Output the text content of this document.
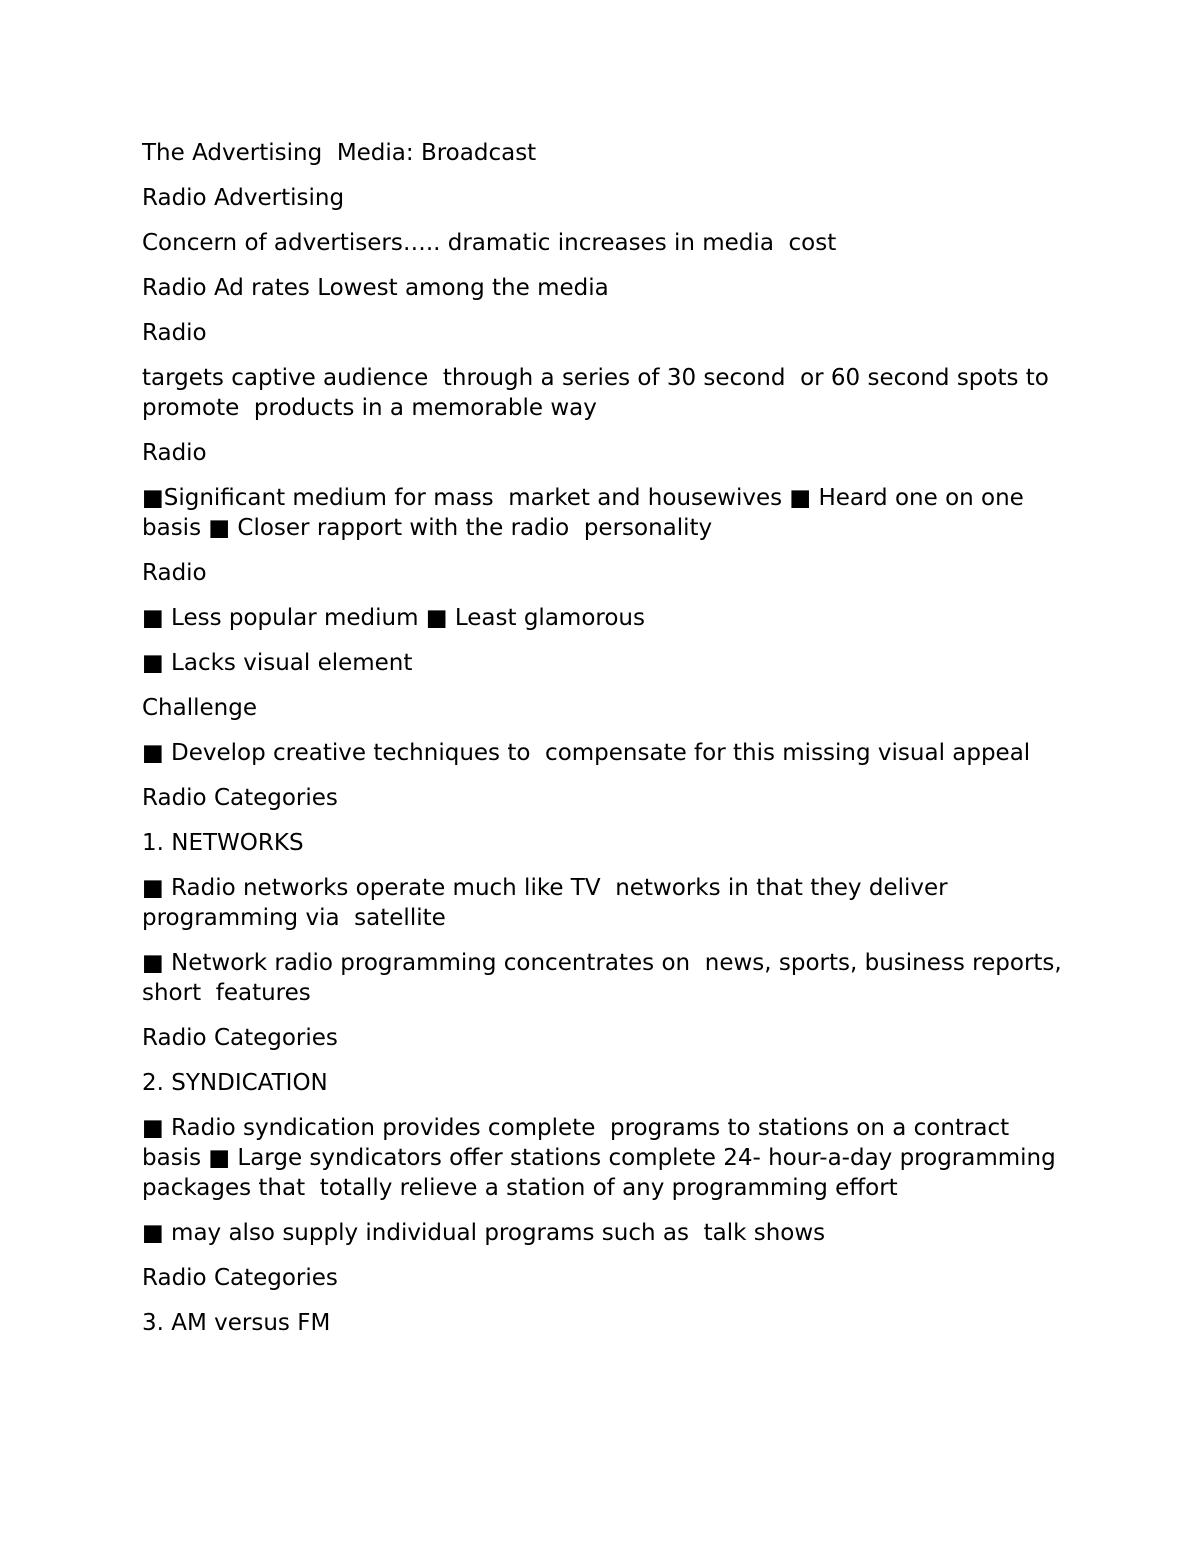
The Advertising  Media: Broadcast

Radio Advertising

Concern of advertisers….. dramatic increases in media  cost

Radio Ad rates Lowest among the media

Radio

targets captive audience  through a series of 30 second  or 60 second spots to promote  products in a memorable way

Radio

■Significant medium for mass  market and housewives ■ Heard one on one basis ■ Closer rapport with the radio  personality

Radio

■ Less popular medium ■ Least glamorous

■ Lacks visual element

Challenge

■ Develop creative techniques to  compensate for this missing visual appeal

Radio Categories

1. NETWORKS

■ Radio networks operate much like TV  networks in that they deliver programming via  satellite

■ Network radio programming concentrates on  news, sports, business reports, short  features

Radio Categories

2. SYNDICATION

■ Radio syndication provides complete  programs to stations on a contract basis ■ Large syndicators offer stations complete 24- hour-a-day programming packages that  totally relieve a station of any programming effort

■ may also supply individual programs such as  talk shows

Radio Categories

3. AM versus FM
